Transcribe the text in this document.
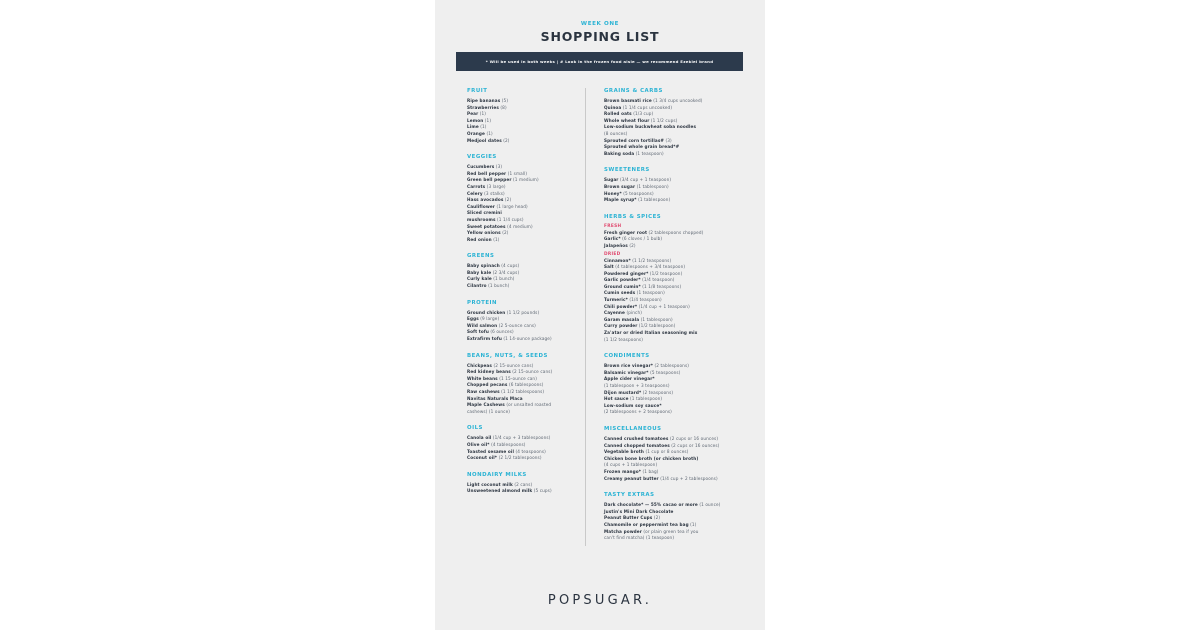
WEEK ONE
SHOPPING LIST
* Will be used in both weeks | # Look in the frozen food aisle — we recommend Ezekiel brand
FRUIT
Ripe bananas (5)
Strawberries (8)
Pear (1)
Lemon (1)
Lime (1)
Orange (1)
Medjool dates (2)
VEGGIES
Cucumbers (3)
Red bell pepper (1 small)
Green bell pepper (1 medium)
Carrots (3 large)
Celery (3 stalks)
Hass avocados (2)
Cauliflower (1 large head)
Sliced cremini
mushrooms (1 1/4 cups)
Sweet potatoes (4 medium)
Yellow onions (2)
Red onion (1)
GREENS
Baby spinach (4 cups)
Baby kale (2 3/4 cups)
Curly kale (1 bunch)
Cilantro (1 bunch)
PROTEIN
Ground chicken (1 1/2 pounds)
Eggs (9 large)
Wild salmon (2 5-ounce cans)
Soft tofu (6 ounces)
Extrafirm tofu (1 14-ounce package)
BEANS, NUTS, & SEEDS
Chickpeas (2 15-ounce cans)
Red kidney beans (2 15-ounce cans)
White beans (1 15-ounce can)
Chopped pecans (6 tablespoons)
Raw cashews (1 1/2 tablespoons)
Navitas Naturals Maca
Maple Cashews (or unsalted roasted
cashews) (1 ounce)
OILS
Canola oil (1/4 cup + 3 tablespoons)
Olive oil* (4 tablespoons)
Toasted sesame oil (4 teaspoons)
Coconut oil* (2 1/2 tablespoons)
NONDAIRY MILKS
Light coconut milk (2 cans)
Unsweetened almond milk (5 cups)
GRAINS & CARBS
Brown basmati rice (1 3/4 cups uncooked)
Quinoa (1 1/4 cups uncooked)
Rolled oats (1/3 cup)
Whole wheat flour (1 1/2 cups)
Low-sodium buckwheat soba noodles
(8 ounces)
Sprouted corn tortillas# (3)
Sprouted whole grain bread*#
Baking soda (1 teaspoon)
SWEETENERS
Sugar (3/4 cup + 1 teaspoon)
Brown sugar (1 tablespoon)
Honey* (5 teaspoons)
Maple syrup* (1 tablespoon)
HERBS & SPICES
FRESH
Fresh ginger root (2 tablespoons chopped)
Garlic* (6 cloves / 1 bulb)
Jalapeños (2)
DRIED
Cinnamon* (1 1/2 teaspoons)
Salt (4 tablespoons + 3/4 teaspoon)
Powdered ginger* (1/2 teaspoon)
Garlic powder* (1/4 teaspoon)
Ground cumin* (1 1/8 teaspoons)
Cumin seeds (1 teaspoon)
Turmeric* (1/4 teaspoon)
Chili powder* (1/4 cup + 1 teaspoon)
Cayenne (pinch)
Garam masala (1 tablespoon)
Curry powder (1/2 tablespoon)
Za'atar or dried Italian seasoning mix
(1 1/2 teaspoons)
CONDIMENTS
Brown rice vinegar* (2 tablespoons)
Balsamic vinegar* (5 teaspoons)
Apple cider vinegar*
(1 tablespoon + 3 teaspoons)
Dijon mustard* (2 teaspoons)
Hot sauce (1 tablespoon)
Low-sodium soy sauce*
(2 tablespoons + 2 teaspoons)
MISCELLANEOUS
Canned crushed tomatoes (2 cups or 16 ounces)
Canned chopped tomatoes (2 cups or 16 ounces)
Vegetable broth (1 cup or 8 ounces)
Chicken bone broth (or chicken broth)
(4 cups + 1 tablespoon)
Frozen mango* (1 bag)
Creamy peanut butter (1/4 cup + 2 tablespoons)
TASTY EXTRAS
Dark chocolate* — 55% cacao or more (1 ounce)
Justin's Mini Dark Chocolate
Peanut Butter Cups (2)
Chamomile or peppermint tea bag (1)
Matcha powder (or plain green tea if you
can't find matcha) (1 teaspoon)
POPSUGAR.
